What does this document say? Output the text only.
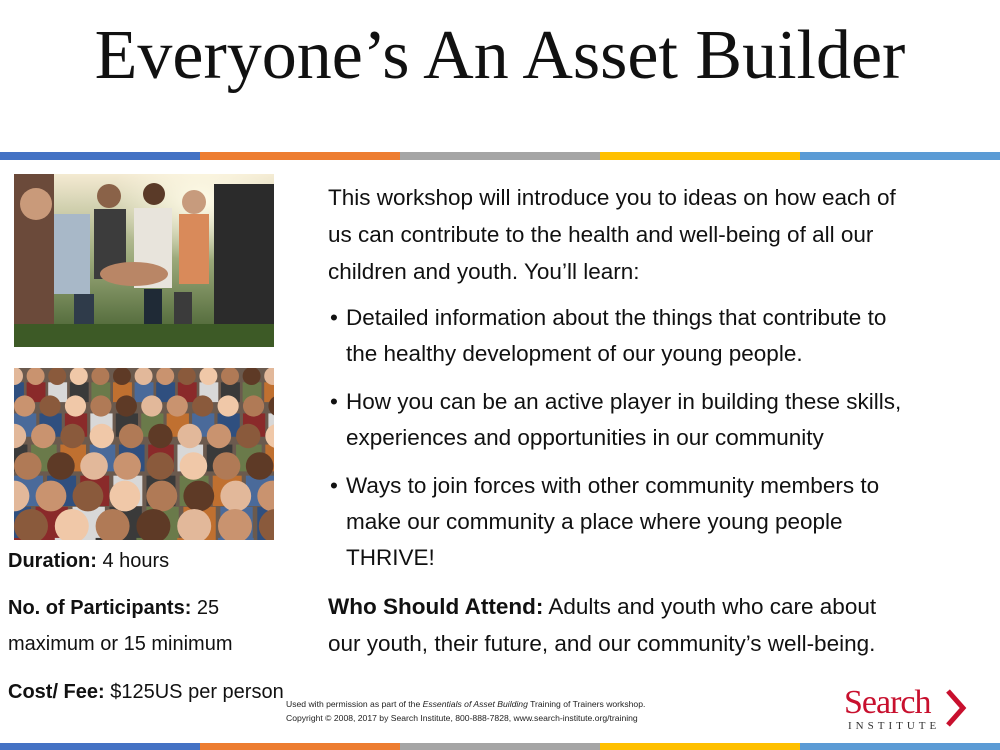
Everyone’s An Asset Builder
Duration: 4 hours
No. of Participants: 25
maximum or 15 minimum
Cost/ Fee: $125US per person
This workshop will introduce you to ideas on how each of
us can contribute to the health and well-being of all our
children and youth. You’ll learn:
• Detailed information about the things that contribute to
the healthy development of our young people.
• How you can be an active player in building these skills,
experiences and opportunities in our community
• Ways to join forces with other community members to
make our community a place where young people
THRIVE!
Who Should Attend: Adults and youth who care about
our youth, their future, and our community’s well-being.
Used with permission as part of the Essentials of Asset Building Training of Trainers workshop.
Copyright © 2008, 2017 by Search Institute, 800-888-7828, www.search-institute.org/training	Search
INSTITUTE
